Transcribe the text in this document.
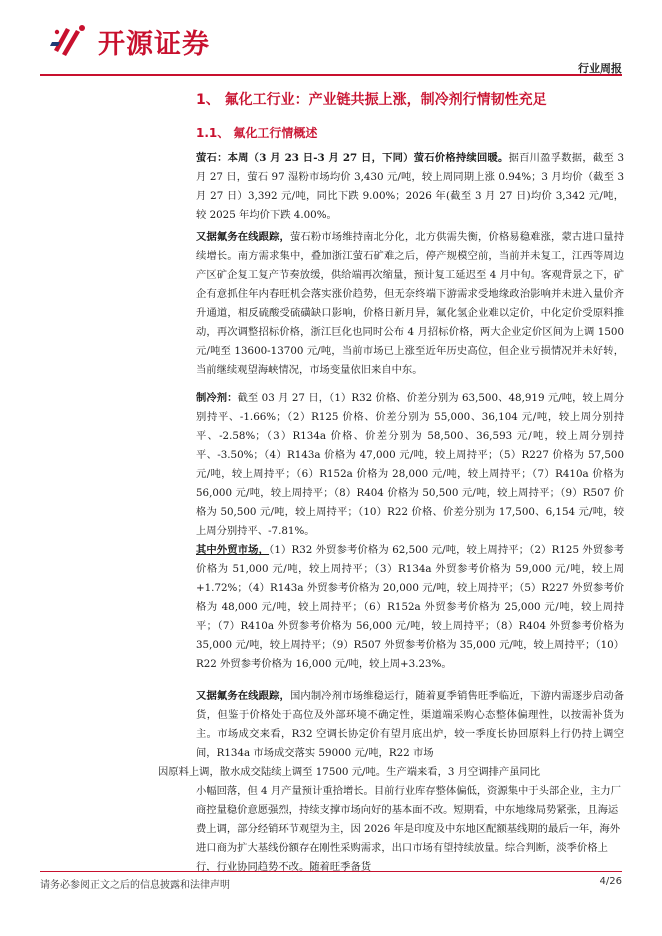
开源证券
行业周报
1、 氟化工行业：产业链共振上涨，制冷剂行情韧性充足
1.1、 氟化工行情概述

萤石：本周（3 月 23 日-3 月 27 日，下同）萤石价格持续回暖。据百川盈孚数据，截至 3 月 27 日，萤石 97 湿粉市场均价 3,430 元/吨，较上周同期上涨 0.94%；3 月均价（截至 3 月 27 日）3,392 元/吨，同比下跌 9.00%；2026 年(截至 3 月 27 日)均价 3,342 元/吨，较 2025 年均价下跌 4.00%。

又据氟务在线跟踪，萤石粉市场维持南北分化，北方供需失衡，价格易稳难涨，蒙古进口量持续增长。南方需求集中，叠加浙江萤石矿难之后，停产规模空前，当前并未复工，江西等周边产区矿企复工复产节奏放缓，供给端再次缩量，预计复工延迟至 4 月中旬。客观背景之下，矿企有意抓住年内春旺机会落实涨价趋势，但无奈终端下游需求受地缘政治影响并未进入量价齐升通道，相反硫酸受硫磺缺口影响，价格日新月异，氟化氢企业难以定价，中化定价受原料推动，再次调整招标价格，浙江巨化也同时公布 4 月招标价格，两大企业定价区间为上调 1500 元/吨至 13600-13700 元/吨，当前市场已上涨至近年历史高位，但企业亏损情况并未好转，当前继续观望海峡情况，市场变量依旧来自中东。

制冷剂：截至 03 月 27 日，（1）R32 价格、价差分别为 63,500、48,919 元/吨，较上周分别持平、-1.66%；（2）R125 价格、价差分别为 55,000、36,104 元/吨，较上周分别持平、-2.58%；（3）R134a 价格、价差分别为 58,500、36,593 元/吨，较上周分别持平、-3.50%；（4）R143a 价格为 47,000 元/吨，较上周持平；（5）R227 价格为 57,500 元/吨，较上周持平；（6）R152a 价格为 28,000 元/吨，较上周持平；（7）R410a 价格为 56,000 元/吨，较上周持平；（8）R404 价格为 50,500 元/吨，较上周持平；（9）R507 价格为 50,500 元/吨，较上周持平；（10）R22 价格、价差分别为 17,500、6,154 元/吨，较上周分别持平、-7.81%。

其中外贸市场，（1）R32 外贸参考价格为 62,500 元/吨，较上周持平；（2）R125 外贸参考价格为 51,000 元/吨，较上周持平；（3）R134a 外贸参考价格为 59,000 元/吨，较上周+1.72%；（4）R143a 外贸参考价格为 20,000 元/吨，较上周持平；（5）R227 外贸参考价格为 48,000 元/吨，较上周持平；（6）R152a 外贸参考价格为 25,000 元/吨，较上周持平；（7）R410a 外贸参考价格为 56,000 元/吨，较上周持平；（8）R404 外贸参考价格为 35,000 元/吨，较上周持平；（9）R507 外贸参考价格为 35,000 元/吨，较上周持平；（10）R22 外贸参考价格为 16,000 元/吨，较上周+3.23%。

又据氟务在线跟踪，国内制冷剂市场维稳运行，随着夏季销售旺季临近，下游内需逐步启动备货，但鉴于价格处于高位及外部环境不确定性，渠道端采购心态整体偏理性，以按需补货为主。市场成交来看，R32 空调长协定价有望月底出炉，较一季度长协回原料上行仍持上调空间，R134a 市场成交落实 59000 元/吨，R22 市场

因原料上调，散水成交陆续上调至 17500 元/吨。生产端来看，3 月空调排产虽同比

小幅回落，但 4 月产量预计重拾增长。目前行业库存整体偏低，资源集中于头部企业，主力厂商控量稳价意愿强烈，持续支撑市场向好的基本面不改。短期看，中东地缘局势紧张，且海运费上调，部分经销环节观望为主，因 2026 年是印度及中东地区配额基线期的最后一年，海外进口商为扩大基线份额存在刚性采购需求，出口市场有望持续放量。综合判断，淡季价格上行，行业协同趋势不改。随着旺季备货

请务必参阅正文之后的信息披露和法律声明	4/26
